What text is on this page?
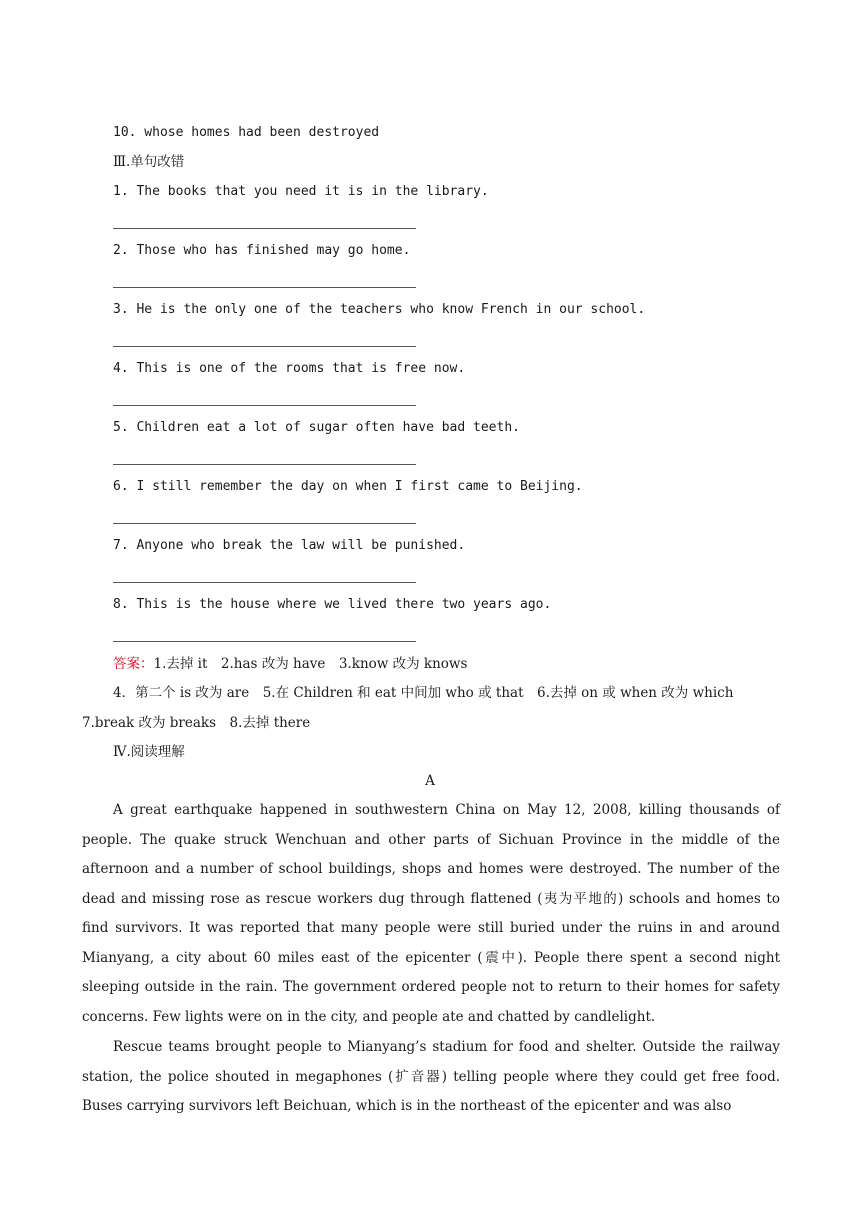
10. whose homes had been destroyed
Ⅲ.单句改错
1. The books that you need it is in the library.
2. Those who has finished may go home.
3. He is the only one of the teachers who know French in our school.
4. This is one of the rooms that is free now.
5. Children eat a lot of sugar often have bad teeth.
6. I still remember the day on when I first came to Beijing.
7. Anyone who break the law will be punished.
8. This is the house where we lived there two years ago.
答案：1.去掉 it　2.has 改为 have　3.know 改为 knows
4．第二个 is 改为 are　5.在 Children 和 eat 中间加 who 或 that　6.去掉 on 或 when 改为 which
7.break 改为 breaks　8.去掉 there
Ⅳ.阅读理解
A
A great earthquake happened in southwestern China on May 12, 2008, killing thousands of people. The quake struck Wenchuan and other parts of Sichuan Province in the middle of the afternoon and a number of school buildings, shops and homes were destroyed. The number of the dead and missing rose as rescue workers dug through flattened (夷为平地的) schools and homes to find survivors. It was reported that many people were still buried under the ruins in and around Mianyang, a city about 60 miles east of the epicenter (震中). People there spent a second night sleeping outside in the rain. The government ordered people not to return to their homes for safety concerns. Few lights were on in the city, and people ate and chatted by candlelight.
Rescue teams brought people to Mianyang’s stadium for food and shelter. Outside the railway station, the police shouted in megaphones (扩音器) telling people where they could get free food. Buses carrying survivors left Beichuan, which is in the northeast of the epicenter and was also
